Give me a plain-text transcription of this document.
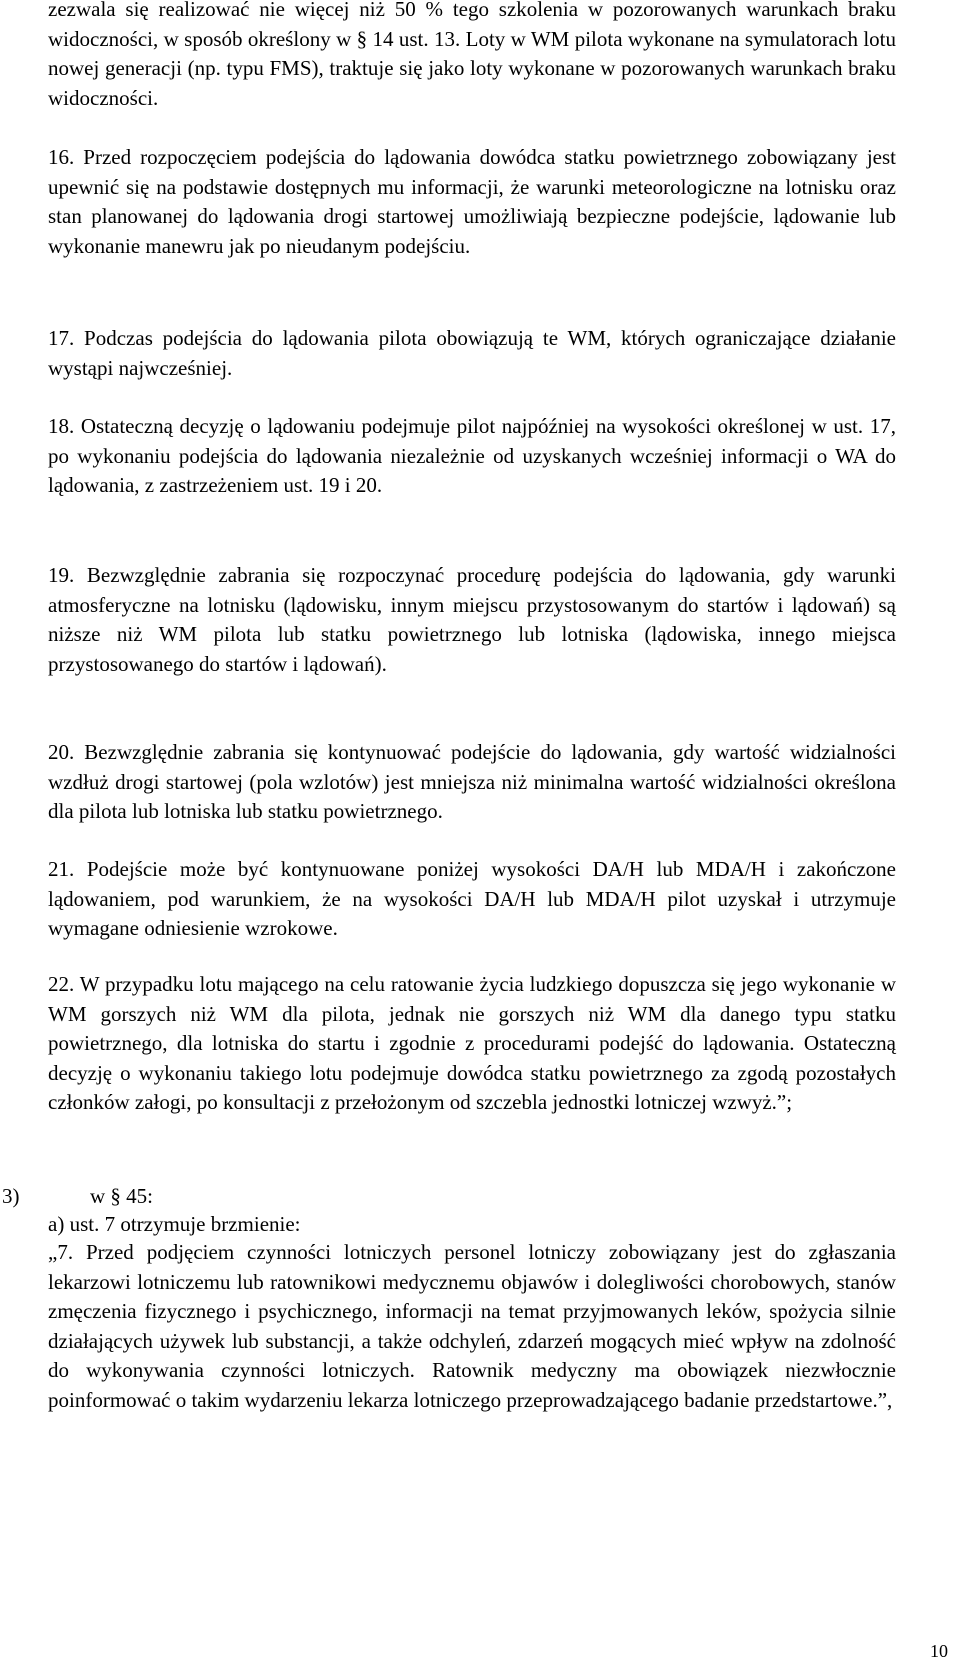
zezwala się realizować nie więcej niż 50 % tego szkolenia w pozorowanych warunkach braku widoczności, w sposób określony w § 14 ust. 13. Loty w WM pilota wykonane na symulatorach lotu nowej generacji (np. typu FMS), traktuje się jako loty wykonane w pozorowanych warunkach braku widoczności.

16. Przed rozpoczęciem podejścia do lądowania dowódca statku powietrznego zobowiązany jest upewnić się na podstawie dostępnych mu informacji, że warunki meteorologiczne na lotnisku oraz stan planowanej do lądowania drogi startowej umożliwiają bezpieczne podejście, lądowanie lub wykonanie manewru jak po nieudanym podejściu.

17. Podczas podejścia do lądowania pilota obowiązują te WM, których ograniczające działanie wystąpi najwcześniej.

18. Ostateczną decyzję o lądowaniu podejmuje pilot najpóźniej na wysokości określonej w ust. 17, po wykonaniu podejścia do lądowania niezależnie od uzyskanych wcześniej informacji o WA do lądowania, z zastrzeżeniem ust. 19 i 20.

19. Bezwzględnie zabrania się rozpoczynać procedurę podejścia do lądowania, gdy warunki atmosferyczne na lotnisku (lądowisku, innym miejscu przystosowanym do startów i lądowań) są niższe niż WM pilota lub statku powietrznego lub lotniska (lądowiska, innego miejsca przystosowanego do startów i lądowań).

20. Bezwzględnie zabrania się kontynuować podejście do lądowania, gdy wartość widzialności wzdłuż drogi startowej (pola wzlotów) jest mniejsza niż minimalna wartość widzialności określona dla pilota lub lotniska lub statku powietrznego.

21. Podejście może być kontynuowane poniżej wysokości DA/H lub MDA/H i zakończone lądowaniem, pod warunkiem, że na wysokości DA/H lub MDA/H pilot uzyskał i utrzymuje wymagane odniesienie wzrokowe.

22. W przypadku lotu mającego na celu ratowanie życia ludzkiego dopuszcza się jego wykonanie w WM gorszych niż WM dla pilota, jednak nie gorszych niż WM dla danego typu statku powietrznego, dla lotniska do startu i zgodnie z procedurami podejść do lądowania. Ostateczną decyzję o wykonaniu takiego lotu podejmuje dowódca statku powietrznego za zgodą pozostałych członków załogi, po konsultacji z przełożonym od szczebla jednostki lotniczej wzwyż.”;

3)	w § 45:
a) ust. 7 otrzymuje brzmienie:

„7. Przed podjęciem czynności lotniczych personel lotniczy zobowiązany jest do zgłaszania lekarzowi lotniczemu lub ratownikowi medycznemu objawów i dolegliwości chorobowych, stanów zmęczenia fizycznego i psychicznego, informacji na temat przyjmowanych leków, spożycia silnie działających używek lub substancji, a także odchyleń, zdarzeń mogących mieć wpływ na zdolność do wykonywania czynności lotniczych. Ratownik medyczny ma obowiązek niezwłocznie poinformować o takim wydarzeniu lekarza lotniczego przeprowadzającego badanie przedstartowe.”,

10
